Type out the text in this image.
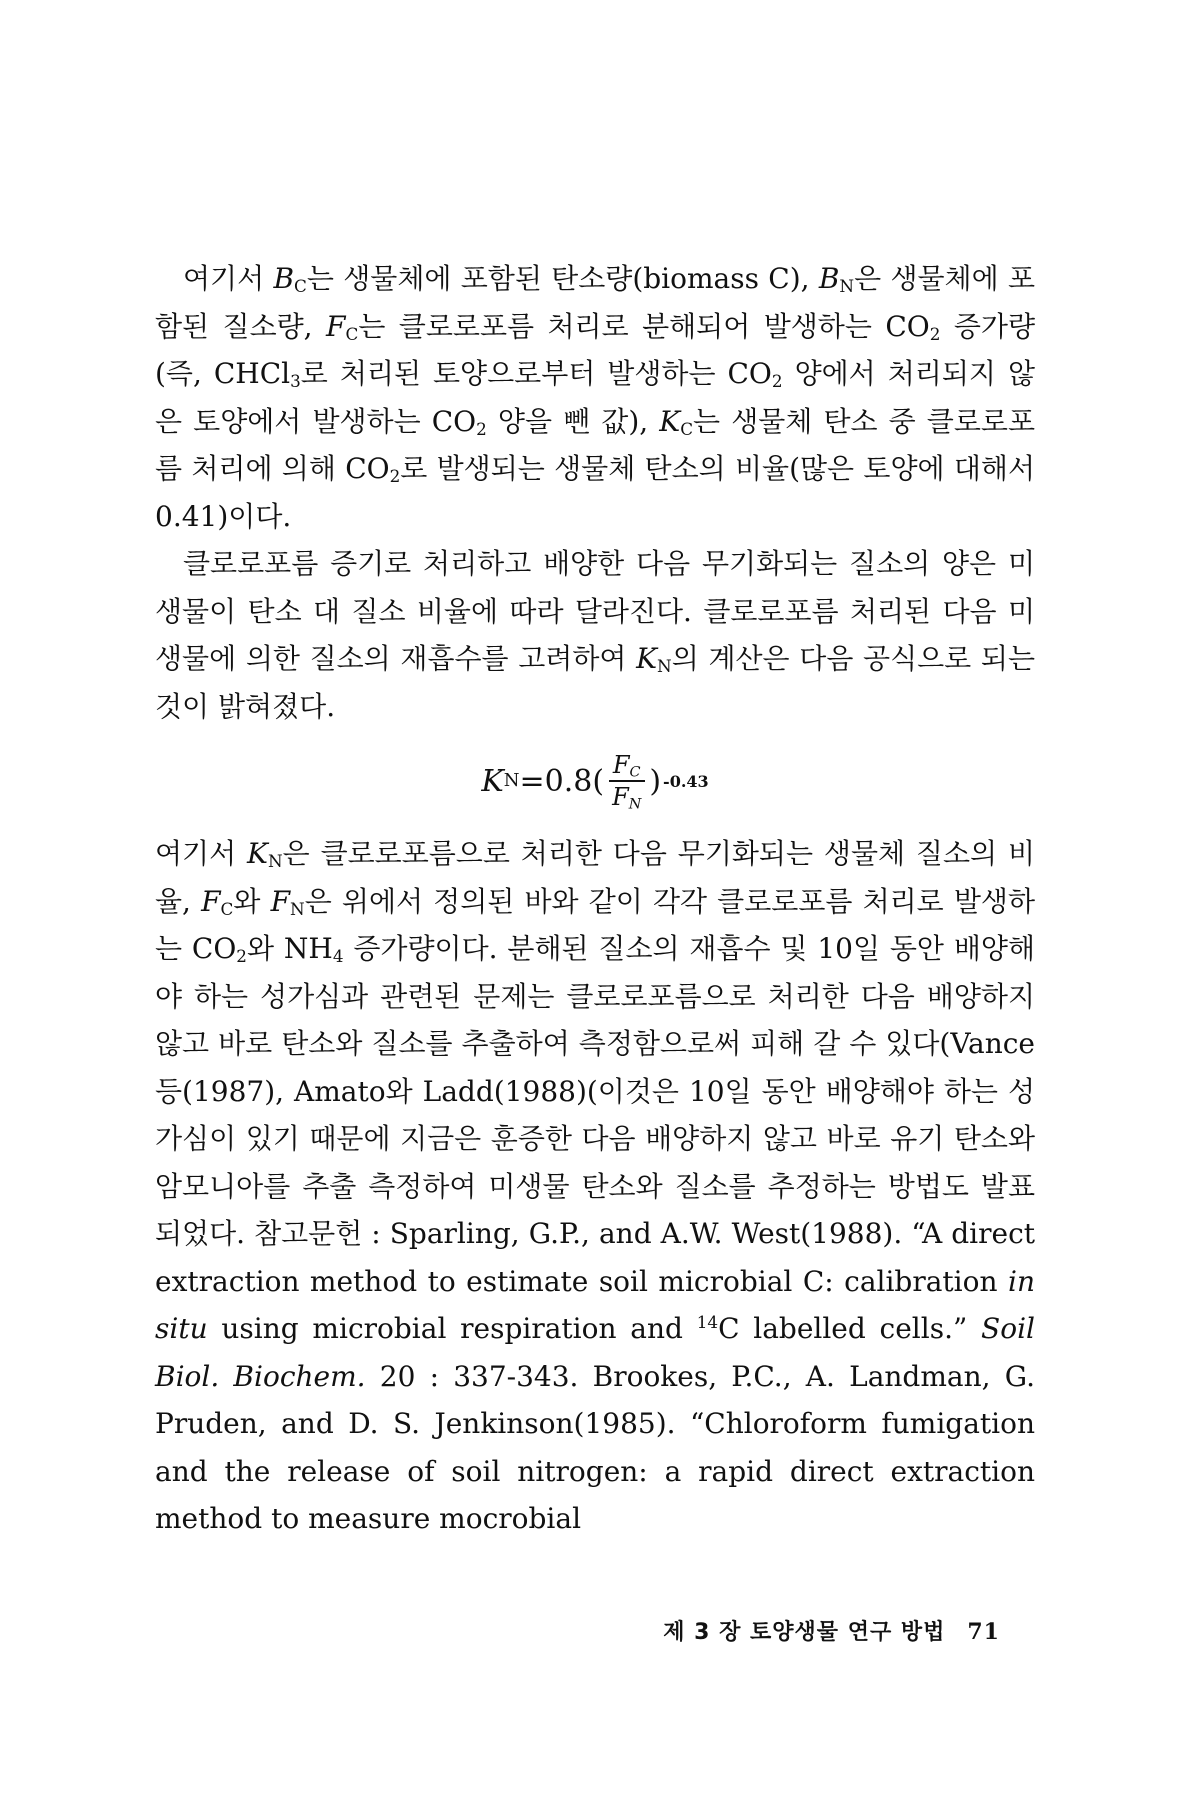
여기서 $B_C$는 생물체에 포함된 탄소량(biomass C), $B_N$은 생물체에 포함된 질소량, $F_C$는 클로로포름 처리로 분해되어 발생하는 $CO_2$ 증가량(즉, CHCl$_3$로 처리된 토양으로부터 발생하는 $CO_2$ 양에서 처리되지 않은 토양에서 발생하는 $CO_2$ 양을 뺀 값), $K_C$는 생물체 탄소 중 클로로포름 처리에 의해 $CO_2$로 발생되는 생물체 탄소의 비율(많은 토양에 대해서 0.41)이다.

클로로포름 증기로 처리하고 배양한 다음 무기화되는 질소의 양은 미생물이 탄소 대 질소 비율에 따라 달라진다. 클로로포름 처리된 다음 미생물에 의한 질소의 재흡수를 고려하여 $K_N$의 계산은 다음 공식으로 되는 것이 밝혀졌다.

K $N =0.8( \frac{F_C}{F_N}$ ) -0.43

여기서 $K_N$은 클로로포름으로 처리한 다음 무기화되는 생물체 질소의 비율, $F_C$와 $F_N$은 위에서 정의된 바와 같이 각각 클로로포름 처리로 발생하는 $CO_2$와 $NH_4$ 증가량이다. 분해된 질소의 재흡수 및 10일 동안 배양해야 하는 성가심과 관련된 문제는 클로로포름으로 처리한 다음 배양하지 않고 바로 탄소와 질소를 추출하여 측정함으로써 피해 갈 수 있다(Vance 등(1987), Amato와 Ladd(1988)(이것은 10일 동안 배양해야 하는 성가심이 있기 때문에 지금은 훈증한 다음 배양하지 않고 바로 유기 탄소와 암모니아를 추출 측정하여 미생물 탄소와 질소를 추정하는 방법도 발표되었다. 참고문헌 : Sparling, G.P., and A.W. West(1988). “A direct extraction method to estimate soil microbial C: calibration in situ using microbial respiration and $^{14}$C labelled cells.” Soil Biol. Biochem. 20 : 337-343. Brookes, P.C., A. Landman, G. Pruden, and D. S. Jenkinson(1985). “Chloroform fumigation and the release of soil nitrogen: a rapid direct extraction method to measure mocrobial

제 3 장 토양생물 연구 방법 71
